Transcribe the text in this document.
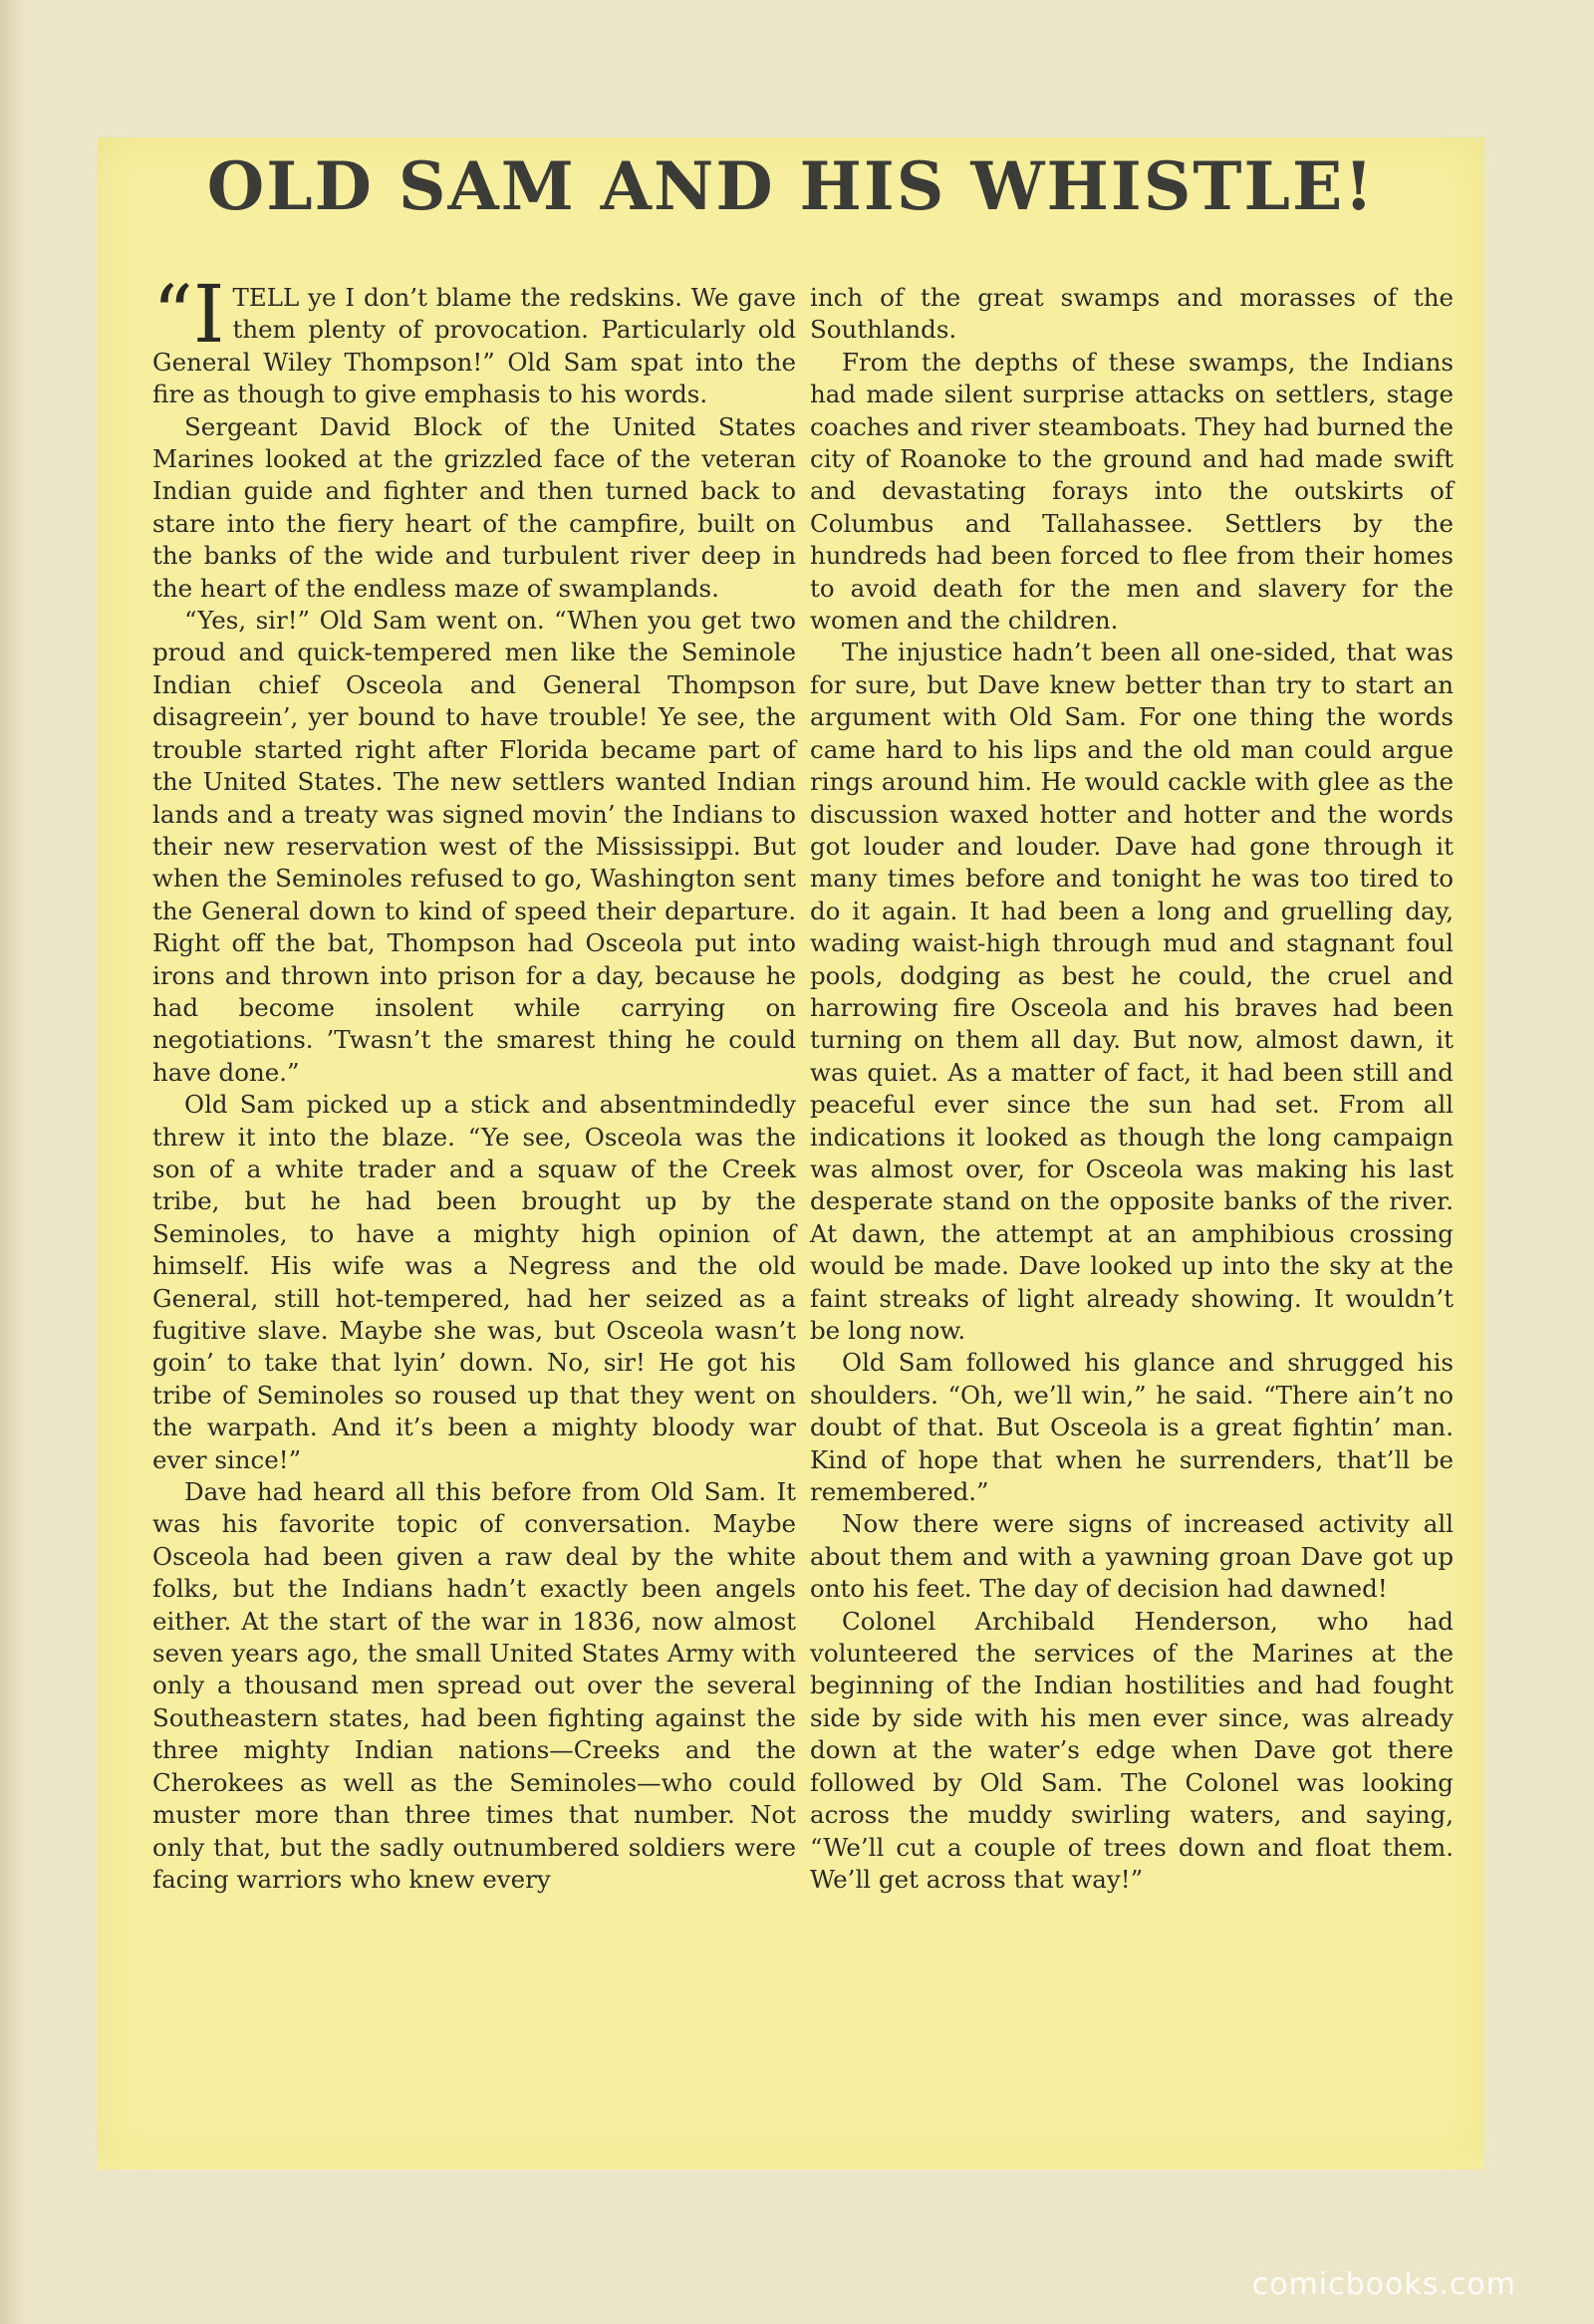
OLD SAM AND HIS WHISTLE!

“ITELL ye I don’t blame the redskins. We gave them plenty of provocation. Particularly old General Wiley Thompson!” Old Sam spat into the fire as though to give emphasis to his words.

Sergeant David Block of the United States Marines looked at the grizzled face of the veteran Indian guide and fighter and then turned back to stare into the fiery heart of the campfire, built on the banks of the wide and turbulent river deep in the heart of the endless maze of swamplands.

“Yes, sir!” Old Sam went on. “When you get two proud and quick-tempered men like the Seminole Indian chief Osceola and General Thompson disagreein’, yer bound to have trouble! Ye see, the trouble started right after Florida became part of the United States. The new settlers wanted Indian lands and a treaty was signed movin’ the Indians to their new reservation west of the Mississippi. But when the Seminoles refused to go, Washington sent the General down to kind of speed their departure. Right off the bat, Thompson had Osceola put into irons and thrown into prison for a day, because he had become insolent while carrying on negotiations. ’Twasn’t the smarest thing he could have done.”

Old Sam picked up a stick and absentmindedly threw it into the blaze. “Ye see, Osceola was the son of a white trader and a squaw of the Creek tribe, but he had been brought up by the Seminoles, to have a mighty high opinion of himself. His wife was a Negress and the old General, still hot-tempered, had her seized as a fugitive slave. Maybe she was, but Osceola wasn’t goin’ to take that lyin’ down. No, sir! He got his tribe of Seminoles so roused up that they went on the warpath. And it’s been a mighty bloody war ever since!”

Dave had heard all this before from Old Sam. It was his favorite topic of conversation. Maybe Osceola had been given a raw deal by the white folks, but the Indians hadn’t exactly been angels either. At the start of the war in 1836, now almost seven years ago, the small United States Army with only a thousand men spread out over the several Southeastern states, had been fighting against the three mighty Indian nations—Creeks and the Cherokees as well as the Seminoles—who could muster more than three times that number. Not only that, but the sadly outnumbered soldiers were facing warriors who knew every

inch of the great swamps and morasses of the Southlands.

From the depths of these swamps, the Indians had made silent surprise attacks on settlers, stage coaches and river steamboats. They had burned the city of Roanoke to the ground and had made swift and devastating forays into the outskirts of Columbus and Tallahassee. Settlers by the hundreds had been forced to flee from their homes to avoid death for the men and slavery for the women and the children.

The injustice hadn’t been all one-sided, that was for sure, but Dave knew better than try to start an argument with Old Sam. For one thing the words came hard to his lips and the old man could argue rings around him. He would cackle with glee as the discussion waxed hotter and hotter and the words got louder and louder. Dave had gone through it many times before and tonight he was too tired to do it again. It had been a long and gruelling day, wading waist-high through mud and stagnant foul pools, dodging as best he could, the cruel and harrowing fire Osceola and his braves had been turning on them all day. But now, almost dawn, it was quiet. As a matter of fact, it had been still and peaceful ever since the sun had set. From all indications it looked as though the long campaign was almost over, for Osceola was making his last desperate stand on the opposite banks of the river. At dawn, the attempt at an amphibious crossing would be made. Dave looked up into the sky at the faint streaks of light already showing. It wouldn’t be long now.

Old Sam followed his glance and shrugged his shoulders. “Oh, we’ll win,” he said. “There ain’t no doubt of that. But Osceola is a great fightin’ man. Kind of hope that when he surrenders, that’ll be remembered.”

Now there were signs of increased activity all about them and with a yawning groan Dave got up onto his feet. The day of decision had dawned!

Colonel Archibald Henderson, who had volunteered the services of the Marines at the beginning of the Indian hostilities and had fought side by side with his men ever since, was already down at the water’s edge when Dave got there followed by Old Sam. The Colonel was looking across the muddy swirling waters, and saying, “We’ll cut a couple of trees down and float them. We’ll get across that way!”

comicbooks.com
